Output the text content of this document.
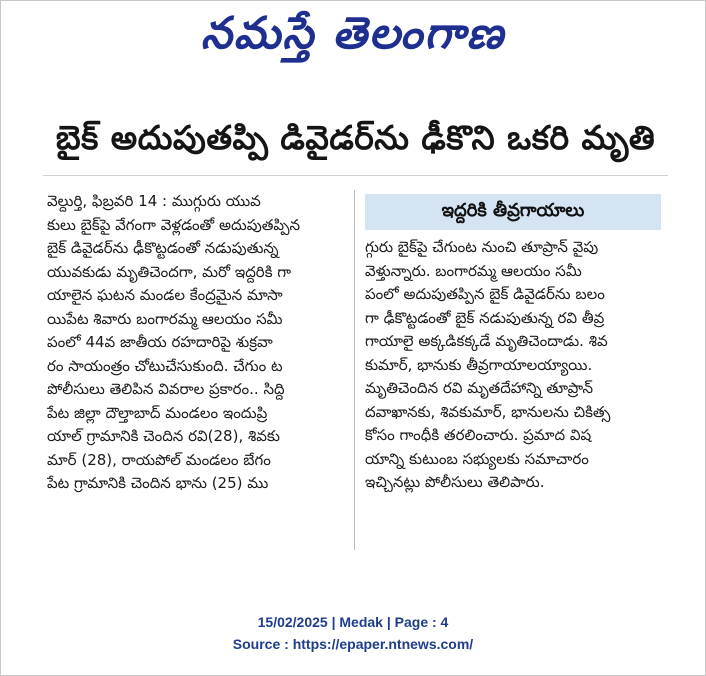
నమస్తే తెలంగాణ
బైక్ అదుపుతప్పి డివైడర్‌ను ఢీకొని ఒకరి మృతి
వెల్దుర్తి, ఫిబ్రవరి 14 : ముగ్గురు యువ
కులు బైక్‌పై వేగంగా వెళ్లడంతో అదుపుతప్పిన
బైక్ డివైడర్‌ను ఢీకొట్టడంతో నడుపుతున్న
యువకుడు మృతిచెందగా, మరో ఇద్దరికి గా
యాలైన ఘటన మండల కేంద్రమైన మాసా
యిపేట శివారు బంగారమ్మ ఆలయం సమీ
పంలో 44వ జాతీయ రహదారిపై శుక్రవా
రం సాయంత్రం చోటుచేసుకుంది. చేగుం ట
పోలీసులు తెలిపిన వివరాల ప్రకారం.. సిద్ది
పేట జిల్లా దౌల్తాబాద్ మండలం ఇందుప్రి
యాల్ గ్రామానికి చెందిన రవి(28), శివకు
మార్ (28), రాయపోల్ మండలం బేగం
పేట గ్రామానికి చెందిన భాను (25) ము
ఇద్దరికి తీవ్రగాయాలు
గ్గురు బైక్‌పై చేగుంట నుంచి తూప్రాన్ వైపు
వెళ్తున్నారు. బంగారమ్మ ఆలయం సమీ
పంలో అదుపుతప్పిన బైక్ డివైడర్‌ను బలం
గా ఢీకొట్టడంతో బైక్ నడుపుతున్న రవి తీవ్ర
గాయాలై అక్కడికక్కడే మృతిచెందాడు. శివ
కుమార్, భానుకు తీవ్రగాయాలయ్యాయి.
మృతిచెందిన రవి మృతదేహాన్ని తూప్రాన్
దవాఖానకు, శివకుమార్, భానులను చికిత్స
కోసం గాంధీకి తరలించారు. ప్రమాద విష
యాన్ని కుటుంబ సభ్యులకు సమాచారం
ఇచ్చినట్లు పోలీసులు తెలిపారు.
15/02/2025 | Medak | Page : 4
Source : https://epaper.ntnews.com/
